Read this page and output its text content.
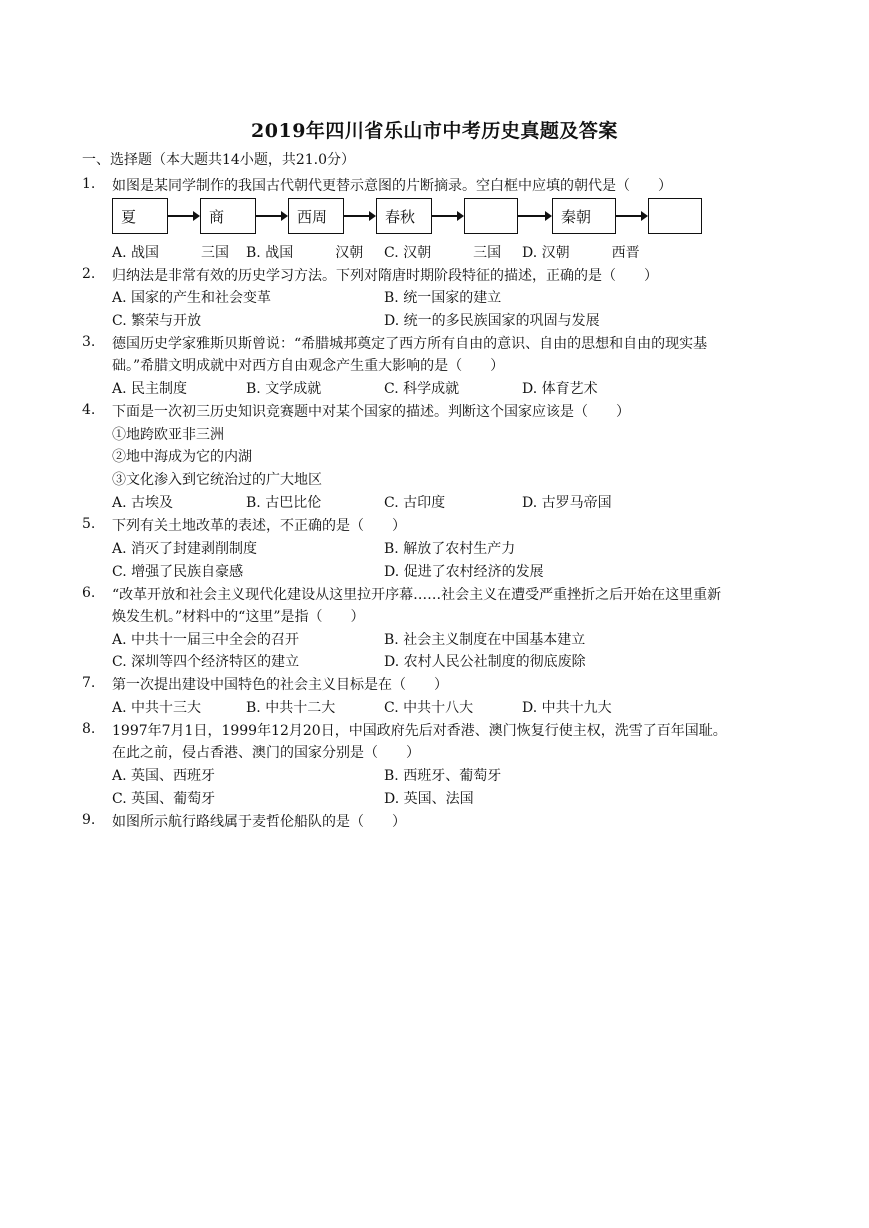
2019年四川省乐山市中考历史真题及答案
一、选择题（本大题共14小题，共21.0分）
1.	如图是某同学制作的我国古代朝代更替示意图的片断摘录。空白框中应填的朝代是（　　）
夏	商	西周	春秋	秦朝
A. 战国　　　三国 B. 战国　　　汉朝 C. 汉朝　　　三国 D. 汉朝　　　西晋
2.	归纳法是非常有效的历史学习方法。下列对隋唐时期阶段特征的描述，正确的是（　　）
A. 国家的产生和社会变革	B. 统一国家的建立
C. 繁荣与开放	D. 统一的多民族国家的巩固与发展
3.	德国历史学家雅斯贝斯曾说：“希腊城邦奠定了西方所有自由的意识、自由的思想和自由的现实基
础。”希腊文明成就中对西方自由观念产生重大影响的是（　　）
A. 民主制度	B. 文学成就	C. 科学成就	D. 体育艺术
4.	下面是一次初三历史知识竞赛题中对某个国家的描述。判断这个国家应该是（　　）
①地跨欧亚非三洲
②地中海成为它的内湖
③文化渗入到它统治过的广大地区
A. 古埃及	B. 古巴比伦	C. 古印度	D. 古罗马帝国
5.	下列有关土地改革的表述，不正确的是（　　）
A. 消灭了封建剥削制度	B. 解放了农村生产力
C. 增强了民族自豪感	D. 促进了农村经济的发展
6.	“改革开放和社会主义现代化建设从这里拉开序幕……社会主义在遭受严重挫折之后开始在这里重新
焕发生机。”材料中的“这里”是指（　　）
A. 中共十一届三中全会的召开	B. 社会主义制度在中国基本建立
C. 深圳等四个经济特区的建立	D. 农村人民公社制度的彻底废除
7.	第一次提出建设中国特色的社会主义目标是在（　　）
A. 中共十三大	B. 中共十二大	C. 中共十八大	D. 中共十九大
8.	1997年7月1日，1999年12月20日，中国政府先后对香港、澳门恢复行使主权，洗雪了百年国耻。
在此之前，侵占香港、澳门的国家分别是（　　）
A. 英国、西班牙	B. 西班牙、葡萄牙
C. 英国、葡萄牙	D. 英国、法国
9.	如图所示航行路线属于麦哲伦船队的是（　　）
